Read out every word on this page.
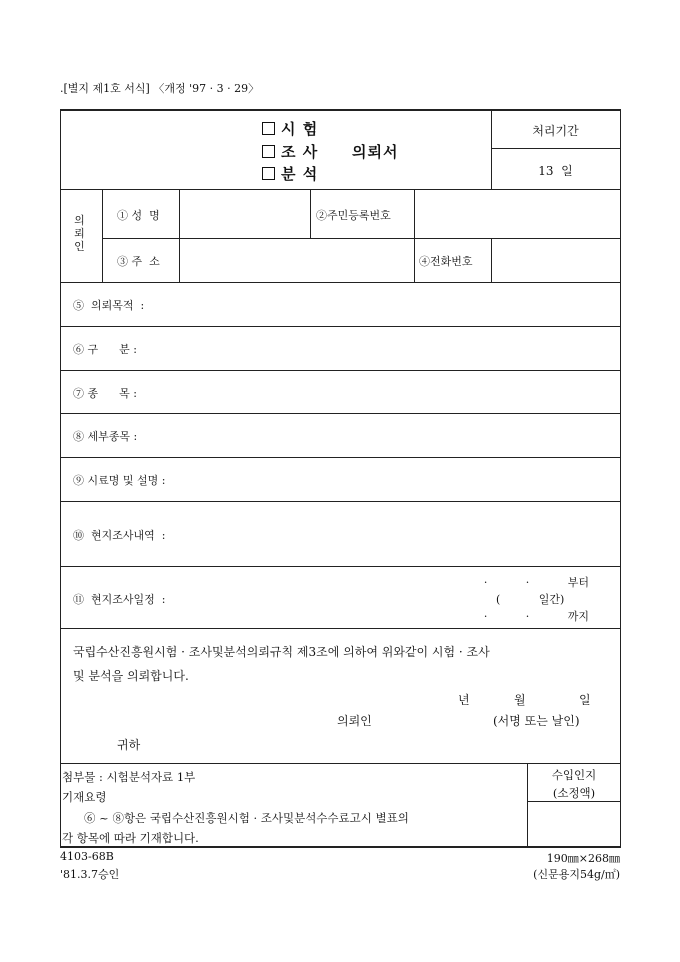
.[별지 제1호 서식] 〈개정 '97 · 3 · 29〉
시 험
조 사
분 석
의뢰서
처리기간
13  일
의뢰인
① 성  명	②주민등록번호
③ 주  소	④전화번호
⑤  의뢰목적  :
⑥ 구      분 :
⑦ 종      목 :
⑧ 세부종목 :
⑨ 시료명 및 설명 :
⑩  현지조사내역  :
⑪  현지조사일정  :
·           ·           부터
(           일간)
·           ·           까지
국립수산진흥원시험 · 조사및분석의뢰규칙 제3조에 의하여 위와같이 시험 · 조사
및 분석을 의뢰합니다.
년	월	일
의뢰인	(서명 또는 날인)
귀하
첨부물 : 시험분석자료 1부
기재요령
⑥ ~ ⑧항은 국립수산진흥원시험 · 조사및분석수수료고시 별표의
각 항목에 따라 기재합니다.
수입인지
(소정액)
4103-68B
'81.3.7승인
190㎜×268㎜
(신문용지54g/㎡)
